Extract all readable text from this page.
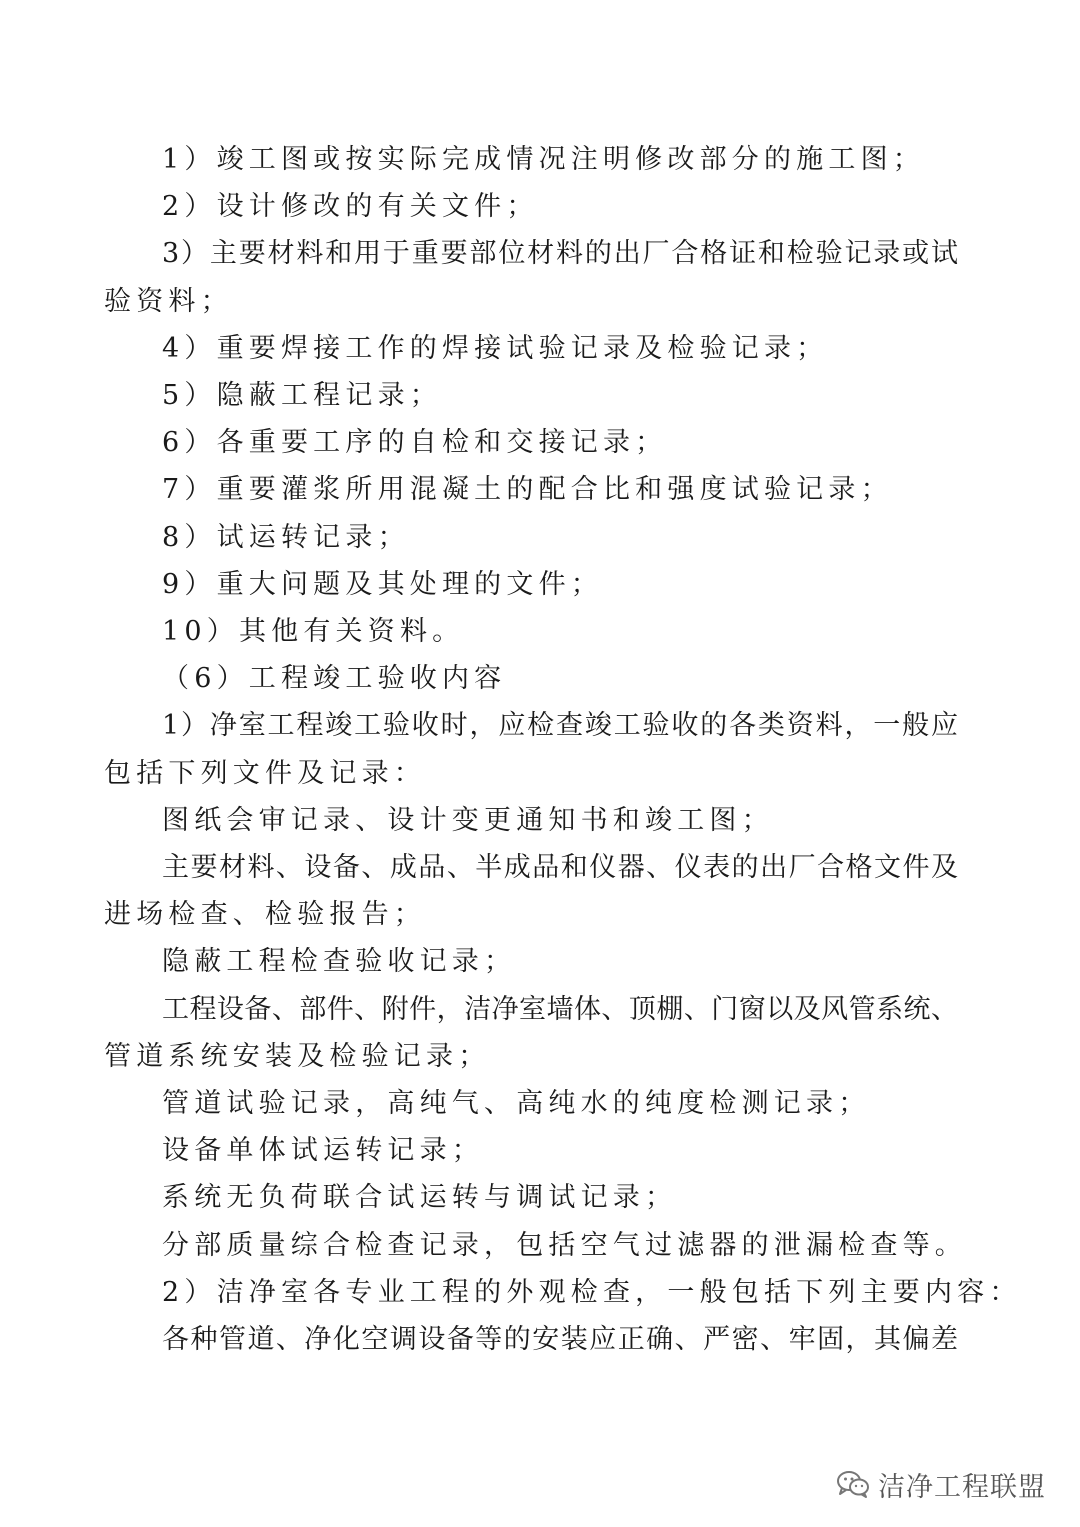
1）竣工图或按实际完成情况注明修改部分的施工图；
2）设计修改的有关文件；
3）主要材料和用于重要部位材料的出厂合格证和检验记录或试
验资料；
4）重要焊接工作的焊接试验记录及检验记录；
5）隐蔽工程记录；
6）各重要工序的自检和交接记录；
7）重要灌浆所用混凝土的配合比和强度试验记录；
8）试运转记录；
9）重大问题及其处理的文件；
10）其他有关资料。
（6）工程竣工验收内容
1）净室工程竣工验收时，应检查竣工验收的各类资料，一般应
包括下列文件及记录：
图纸会审记录、设计变更通知书和竣工图；
主要材料、设备、成品、半成品和仪器、仪表的出厂合格文件及
进场检查、检验报告；
隐蔽工程检查验收记录；
工程设备、部件、附件，洁净室墙体、顶棚、门窗以及风管系统、
管道系统安装及检验记录；
管道试验记录，高纯气、高纯水的纯度检测记录；
设备单体试运转记录；
系统无负荷联合试运转与调试记录；
分部质量综合检查记录，包括空气过滤器的泄漏检查等。
2）洁净室各专业工程的外观检查，一般包括下列主要内容：
各种管道、净化空调设备等的安装应正确、严密、牢固，其偏差
洁净工程联盟
